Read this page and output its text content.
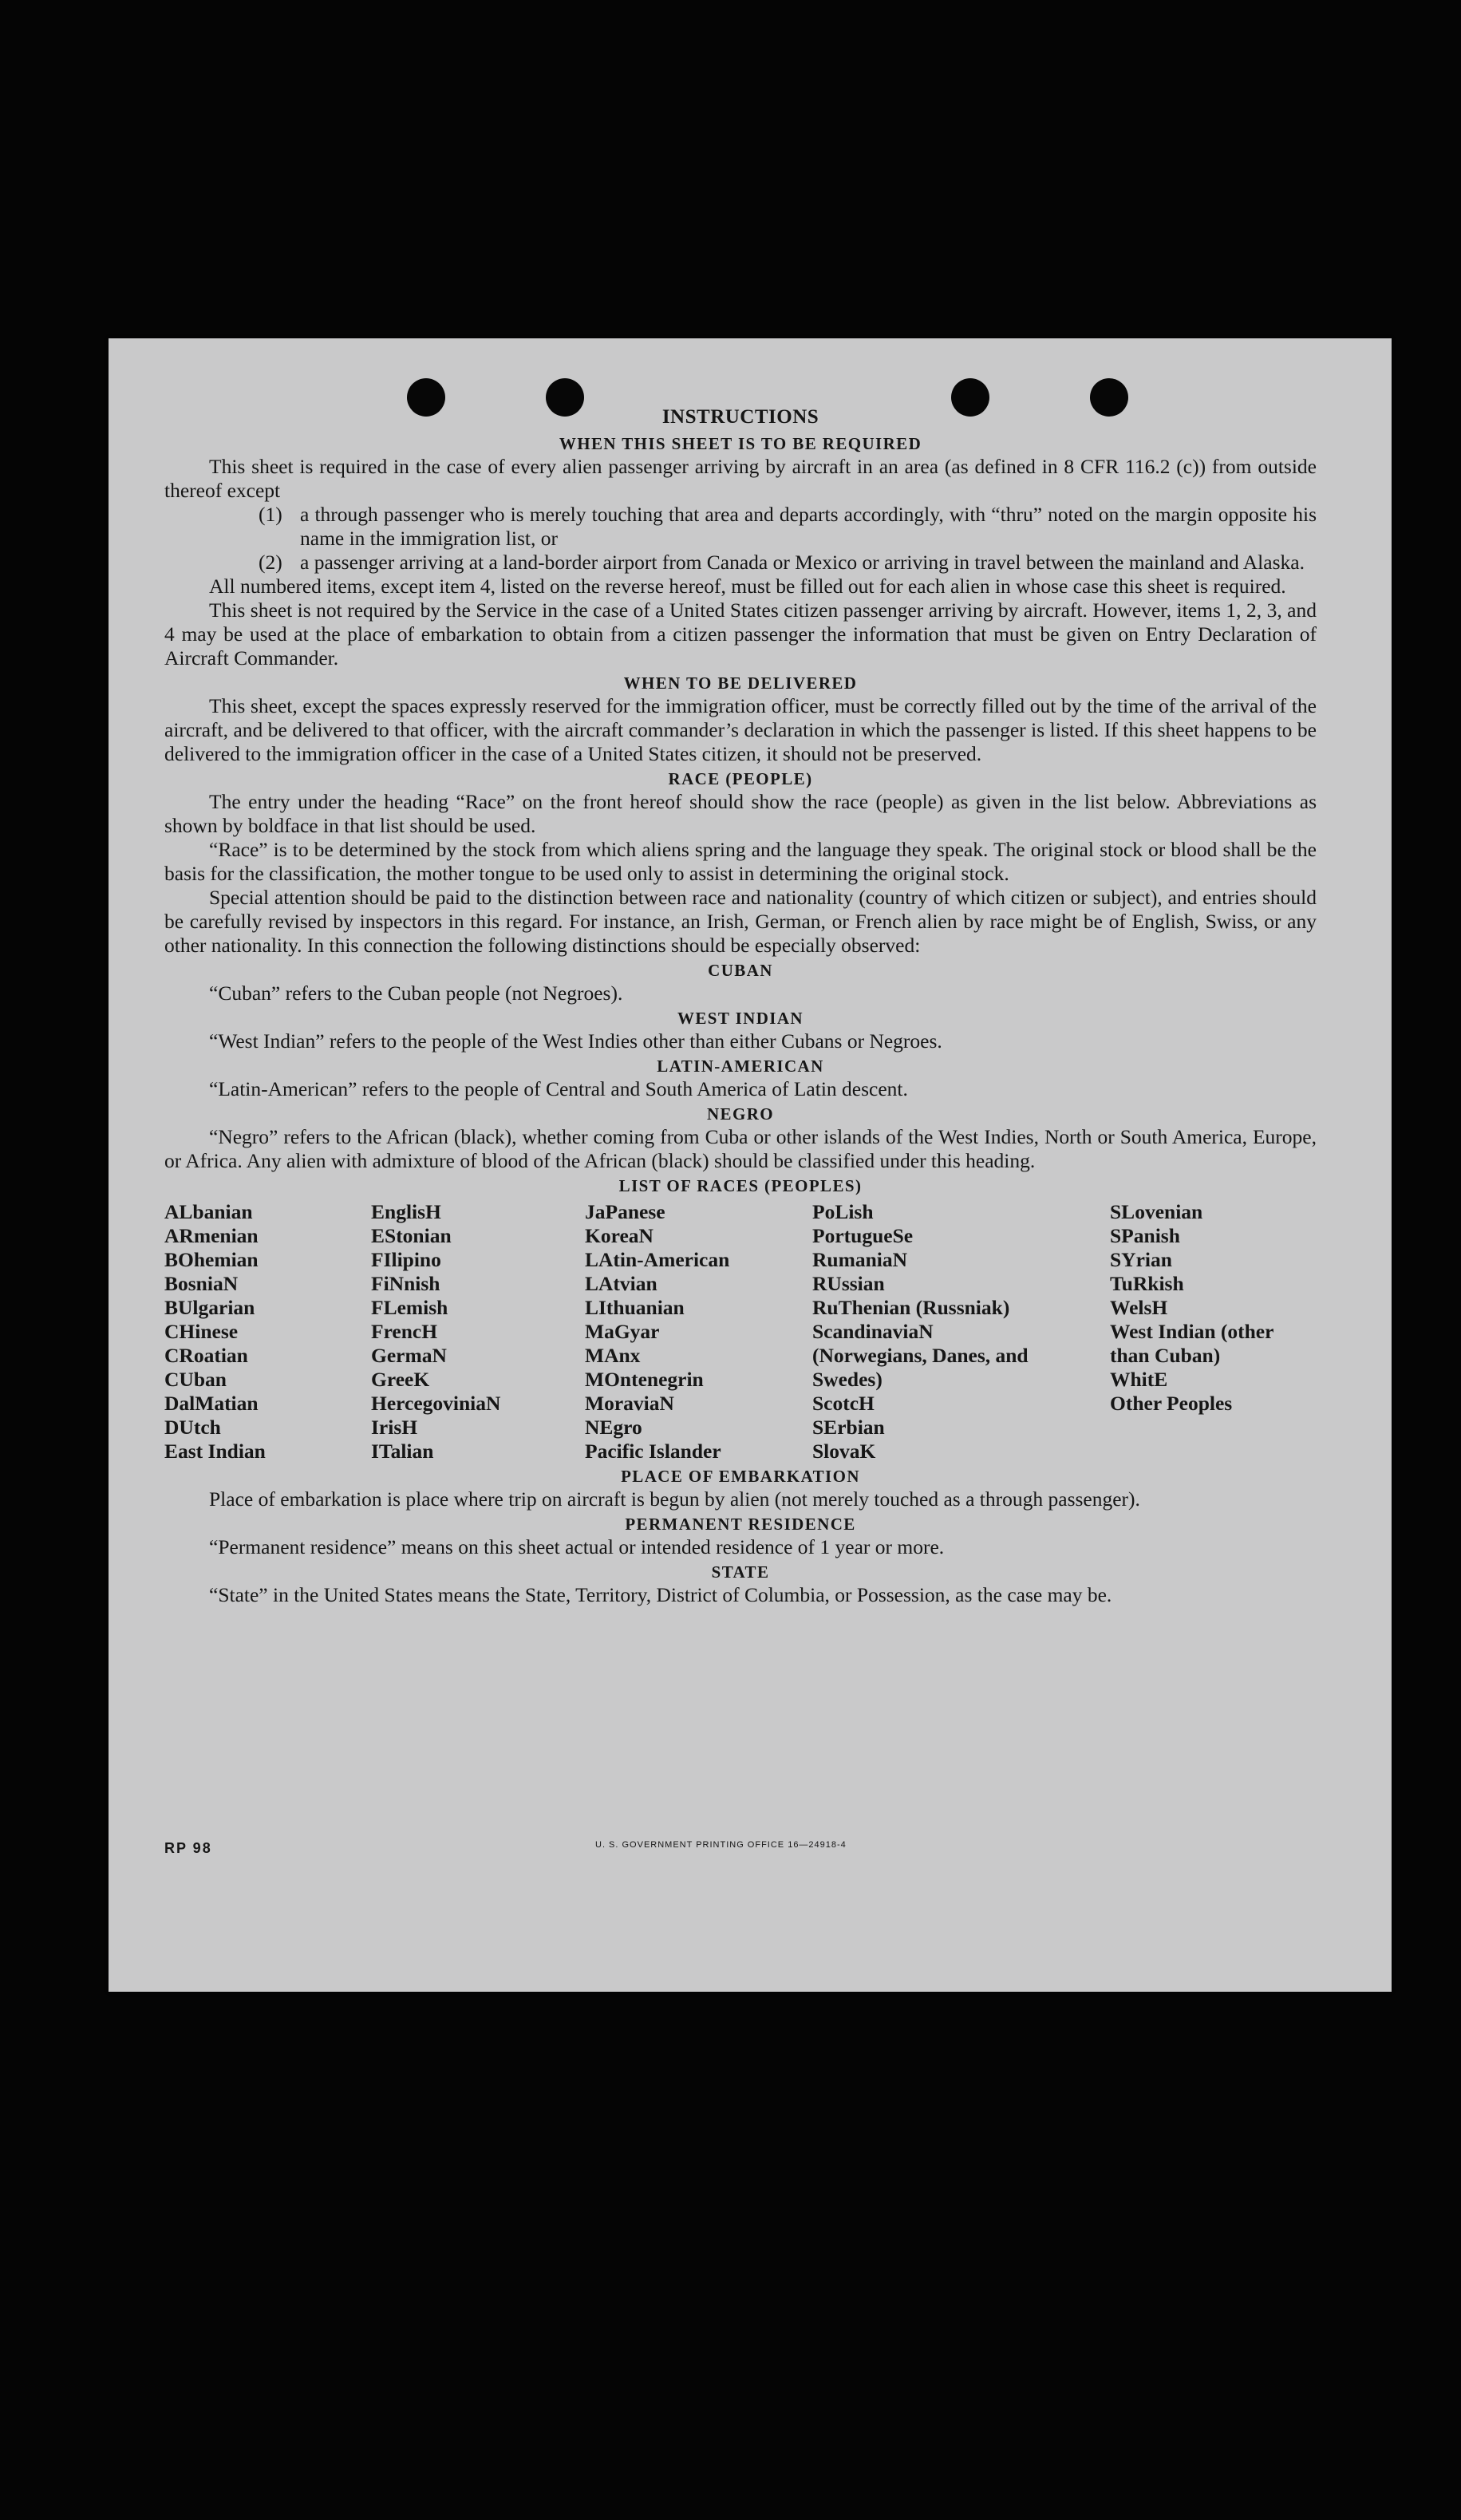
INSTRUCTIONS
WHEN THIS SHEET IS TO BE REQUIRED

This sheet is required in the case of every alien passenger arriving by aircraft in an area (as defined in 8 CFR 116.2 (c)) from outside thereof except

(1) a through passenger who is merely touching that area and departs accordingly, with “thru” noted on the margin opposite his name in the immigration list, or
(2) a passenger arriving at a land-border airport from Canada or Mexico or arriving in travel between the mainland and Alaska.

All numbered items, except item 4, listed on the reverse hereof, must be filled out for each alien in whose case this sheet is required.

This sheet is not required by the Service in the case of a United States citizen passenger arriving by aircraft. However, items 1, 2, 3, and 4 may be used at the place of embarkation to obtain from a citizen passenger the information that must be given on Entry Declaration of Aircraft Commander.

WHEN TO BE DELIVERED

This sheet, except the spaces expressly reserved for the immigration officer, must be correctly filled out by the time of the arrival of the aircraft, and be delivered to that officer, with the aircraft commander’s declaration in which the passenger is listed. If this sheet happens to be delivered to the immigration officer in the case of a United States citizen, it should not be preserved.

RACE (PEOPLE)

The entry under the heading “Race” on the front hereof should show the race (people) as given in the list below. Abbreviations as shown by boldface in that list should be used.

“Race” is to be determined by the stock from which aliens spring and the language they speak. The original stock or blood shall be the basis for the classification, the mother tongue to be used only to assist in determining the original stock.

Special attention should be paid to the distinction between race and nationality (country of which citizen or subject), and entries should be carefully revised by inspectors in this regard. For instance, an Irish, German, or French alien by race might be of English, Swiss, or any other nationality. In this connection the following distinctions should be especially observed:

CUBAN

“Cuban” refers to the Cuban people (not Negroes).

WEST INDIAN

“West Indian” refers to the people of the West Indies other than either Cubans or Negroes.

LATIN-AMERICAN

“Latin-American” refers to the people of Central and South America of Latin descent.

NEGRO

“Negro” refers to the African (black), whether coming from Cuba or other islands of the West Indies, North or South America, Europe, or Africa. Any alien with admixture of blood of the African (black) should be classified under this heading.

LIST OF RACES (PEOPLES)
ALbanian
ARmenian
BOhemian
BosniaN
BUlgarian
CHinese
CRoatian
CUban
DalMatian
DUtch
East Indian
EnglisH
EStonian
FIlipino
FiNnish
FLemish
FrencH
GermaN
GreeK
HercegoviniaN
IrisH
ITalian
JaPanese
KoreaN
LAtin-American
LAtvian
LIthuanian
MaGyar
MAnx
MOntenegrin
MoraviaN
NEgro
Pacific Islander
PoLish
PortugueSe
RumaniaN
RUssian
RuThenian (Russniak)
ScandinaviaN (Norwegians, Danes, and Swedes)
ScotcH
SErbian
SlovaK
SLovenian
SPanish
SYrian
TuRkish
WelsH
West Indian (other than Cuban)
WhitE
Other Peoples
PLACE OF EMBARKATION

Place of embarkation is place where trip on aircraft is begun by alien (not merely touched as a through passenger).

PERMANENT RESIDENCE

“Permanent residence” means on this sheet actual or intended residence of 1 year or more.

STATE

“State” in the United States means the State, Territory, District of Columbia, or Possession, as the case may be.

RP 98	U. S. GOVERNMENT PRINTING OFFICE 16—24918-4
